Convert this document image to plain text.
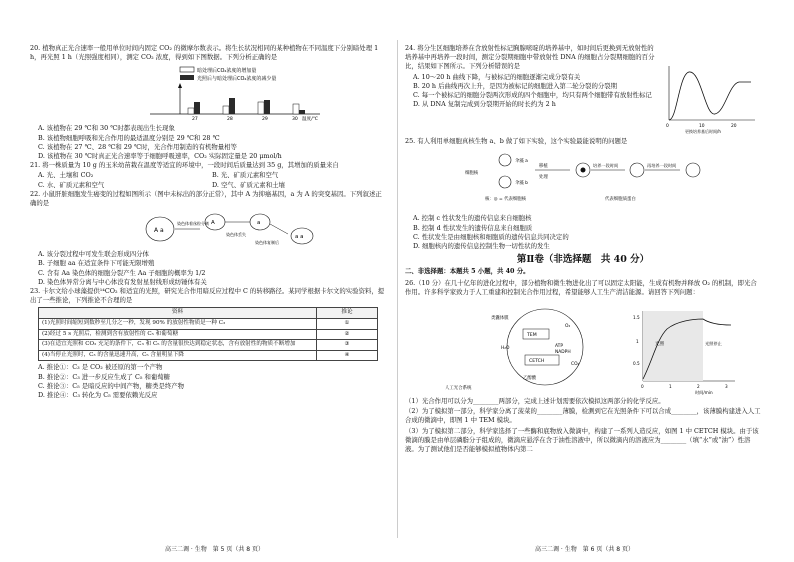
20. 植物真正光合速率一般用单位时间内固定 CO₂ 的微摩尔数表示。将生长状况相同的某种植物在不同温度下分别暗处理 1 h，再光照 1 h（光照强度相同），测定 CO₂ 浓度，得到如下图数据。下列分析正确的是

暗处理后CO₂浓度的增加量
光照后与暗处理后CO₂浓度的减少量
27	28	29	30 温度/℃

A. 该植物在 29 ℃和 30 ℃时都表现出生长现象

B. 该植物细胞呼吸和光合作用的最适温度分别是 29 ℃和 28 ℃

C. 该植物在 27 ℃、28 ℃和 29 ℃时，光合作用制造的有机物量相等

D. 该植物在 30 ℃时真正光合速率等于细胞呼吸速率，CO₂ 实际固定量是 20 μmol/h

21. 将一株质量为 10 g 的玉米幼苗栽在温度等适宜的环境中，一段时间后质量达到 35 g，其增加的质量来自

A. 光、土壤和 CO₂	B. 光、矿质元素和空气
C. 水、矿质元素和空气	D. 空气、矿质元素和土壤

22. 小鼠肝脏细胞发生癌变的过程如图所示（图中未标出的部分正常），其中 A 为抑癌基因，a 为 A 的突变基因。下列叙述正确的是

A a
染色体着丝粒分离 A	a
染色体丢失	a a
染色体复制后

A. 该分裂过程中可发生联会形成四分体

B. 子细胞 aa 在适宜条件下可能无限增殖

C. 含有 Aa 染色体的细胞分裂产生 Aa 子细胞的概率为 1/2

D. 染色体异常分离与中心体没有发射星射线形成纺锤体有关

23. 卡尔文给小球藻提供¹⁴CO₂ 和适宜的光照，研究光合作用暗反应过程中 C 的转移路径。某同学根据卡尔文的实验资料，提出了一些推论，下列推论不合理的是

资料	推论
(1)光照时间缩短到数秒至几分之一秒，发现 90% 的放射性物质是一种 C₃	①
(2)经过 5 s 光照后，检测到含有放射性的 C₅ 和葡萄糖	②
(3)在适宜光照和 CO₂ 充足的条件下，C₃ 和 C₅ 的含量很快达到稳定状态，含有放射性的物质不断增加	③
(4)当停止光照时，C₃ 的含量迅速升高，C₅ 含量明显下降	④

A. 推论①：C₃ 是 CO₂ 被还原的第一个产物

B. 推论②：C₃ 进一步反应生成了 C₅ 和葡萄糖

C. 推论③：C₅ 是暗反应的中间产物，糖类是终产物

D. 推论④：C₃ 转化为 C₅ 需要依赖光反应

24. 将分生区细胞培养在含放射性标记胸腺嘧啶的培养基中，如时间后更换到无放射性的培养基中再培养一段时间，测定分裂期细胞中带放射性 DNA 的细胞占分裂期细胞的百分比，结果如下图所示。下列分析错误的是

A. 10～20 h 曲线下降，与被标记的细胞逐渐完成分裂有关

B. 20 h 后曲线再次上升，是因为被标记的细胞进入第二轮分裂的分裂期

C. 每一个被标记的细胞分裂两次形成的四个细胞中，均只有两个细胞带有放射性标记

D. 从 DNA 复制完成到分裂期开始的时长约为 2 h

0	10	20
更换培养基后时间/h

25. 有人利用单细胞真核生物 a、b 做了如下实验，这个实验最能说明的问题是

伞藻 a
伞藻 b
细胞核
移植
处理
培养一段时间	再培养一段时间
核：◎ = 代表细胞核	代表细胞质蛋白

A. 控制 c 性状发生的遗传信息来自细胞核

B. 控制 d 性状发生的遗传信息来自细胞质

C. 性状发生是由细胞核和细胞质的遗传信息共同决定的

D. 细胞核内的遗传信息控制生物一切性状的发生

第Ⅱ卷（非选择题　共 40 分）

二、非选择题：本题共 5 小题，共 40 分。

26.（10 分）在几十亿年的进化过程中，部分植物和微生物进化出了可以固定太阳能，生成有机物并释放 O₂ 的机制，即光合作用。许多科学家致力于人工重建和控制光合作用过程，希望能够人工生产清洁能源。请回答下列问题：

类囊体膜
TEM
CETCH
H₂O
O₂
ATP
NADPH
CO₂
乙醇酸
人工光合系统
光照	光照停止
1.5
1
0.5
0	1	2	3
时间/min

（1）光合作用可以分为________两部分，完成上述计划需要依次模拟这两部分的化学反应。

（2）为了模拟第一部分，科学家分离了菠菜的________薄膜，检测到它在光照条件下可以合成________，该薄膜构建进入人工合成的微滴中，即图 1 中 TEM 模块。

（3）为了模拟第二部分，科学家选择了一些酶和底物放入微滴中，构建了一系列人造反应，如图 1 中 CETCH 模块。由于该微滴的膜是由单层磷脂分子组成的，微滴应悬浮在含于油性溶液中，所以微滴内的溶液应为________（填“水”或“油”）性溶液。为了测试他们是否能够模拟植物体内第二

高三二调 · 生物　第 5 页（共 8 页）	高三二调 · 生物　第 6 页（共 8 页）
